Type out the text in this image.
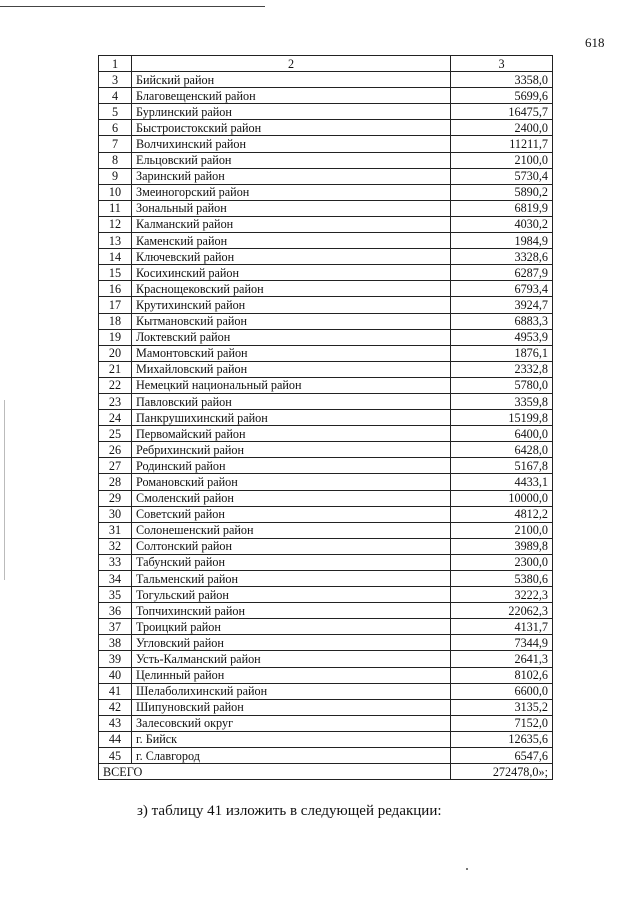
618
1	2	3
3	Бийский район	3358,0
4	Благовещенский район	5699,6
5	Бурлинский район	16475,7
6	Быстроистокский район	2400,0
7	Волчихинский район	11211,7
8	Ельцовский район	2100,0
9	Заринский район	5730,4
10	Змеиногорский район	5890,2
11	Зональный район	6819,9
12	Калманский район	4030,2
13	Каменский район	1984,9
14	Ключевский район	3328,6
15	Косихинский район	6287,9
16	Краснощековский район	6793,4
17	Крутихинский район	3924,7
18	Кытмановский район	6883,3
19	Локтевский район	4953,9
20	Мамонтовский район	1876,1
21	Михайловский район	2332,8
22	Немецкий национальный район	5780,0
23	Павловский район	3359,8
24	Панкрушихинский район	15199,8
25	Первомайский район	6400,0
26	Ребрихинский район	6428,0
27	Родинский район	5167,8
28	Романовский район	4433,1
29	Смоленский район	10000,0
30	Советский район	4812,2
31	Солонешенский район	2100,0
32	Солтонский район	3989,8
33	Табунский район	2300,0
34	Тальменский район	5380,6
35	Тогульский район	3222,3
36	Топчихинский район	22062,3
37	Троицкий район	4131,7
38	Угловский район	7344,9
39	Усть-Калманский район	2641,3
40	Целинный район	8102,6
41	Шелаболихинский район	6600,0
42	Шипуновский район	3135,2
43	Залесовский округ	7152,0
44	г. Бийск	12635,6
45	г. Славгород	6547,6
ВСЕГО		272478,0»;
з) таблицу 41 изложить в следующей редакции:
